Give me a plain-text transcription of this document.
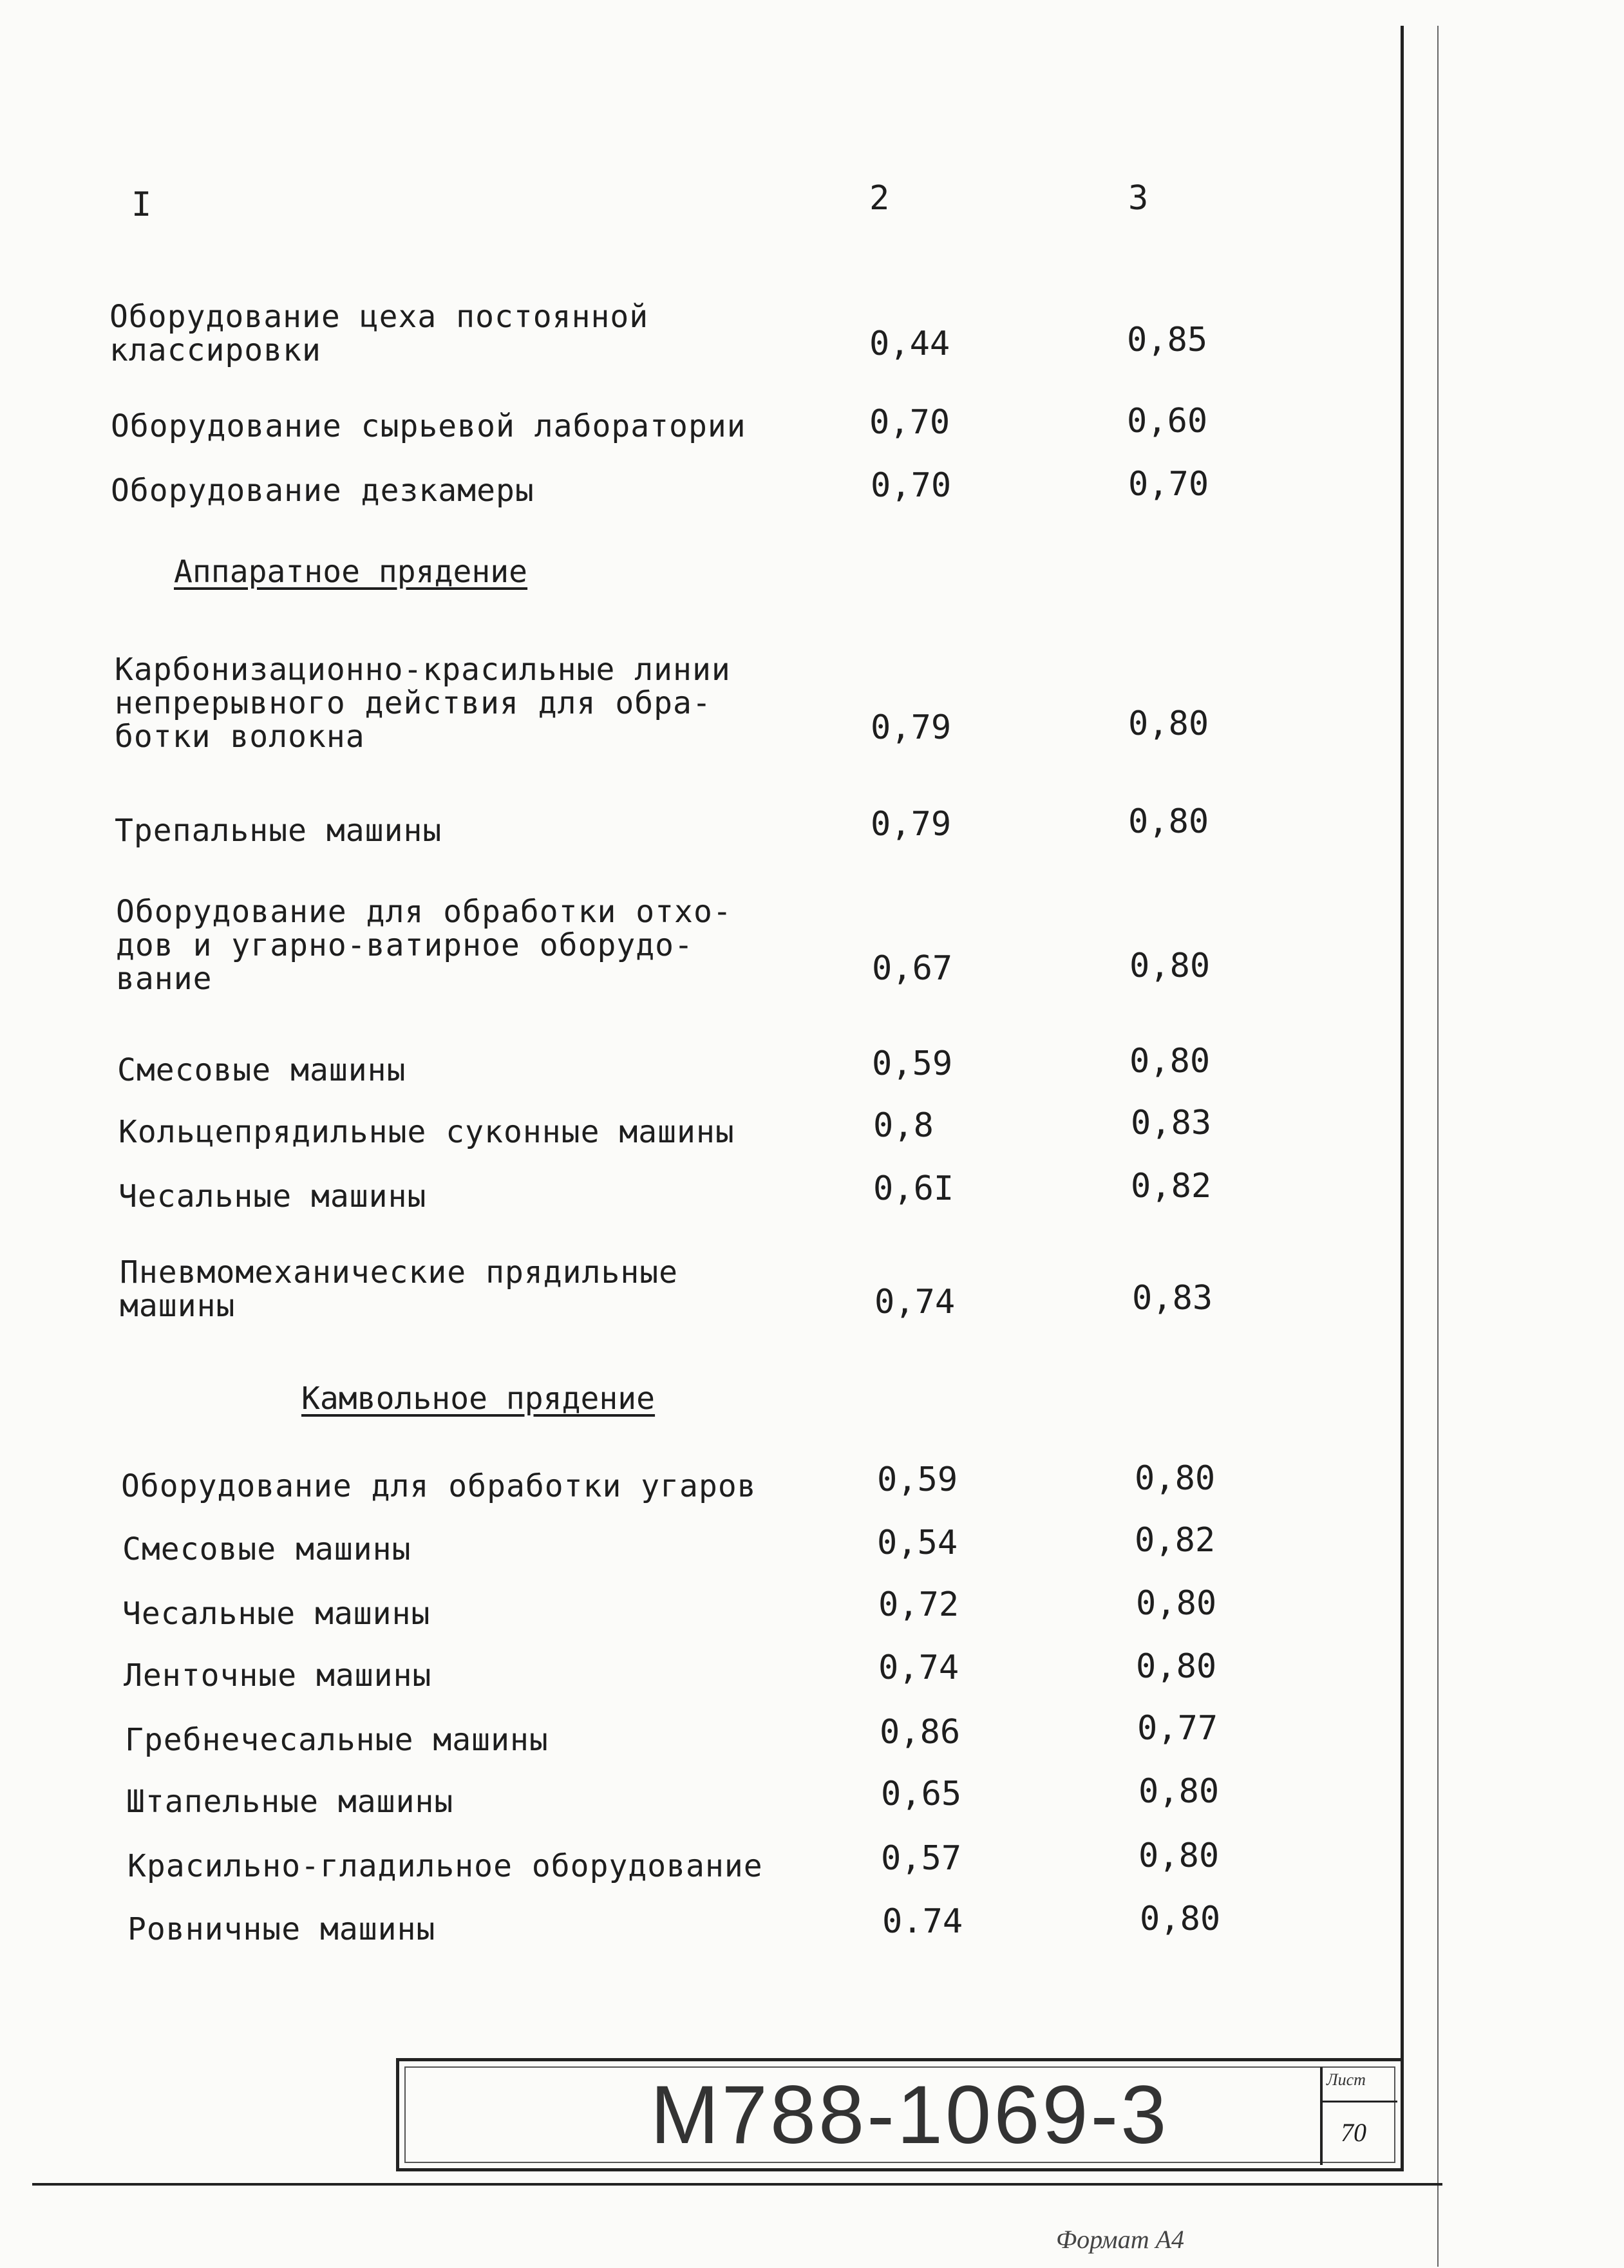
I	2	3
Оборудование цеха постоянной
классировки	0,44	0,85
Оборудование сырьевой лаборатории	0,70	0,60
Оборудование дезкамеры	0,70	0,70
Аппаратное прядение
Карбонизационно-красильные линии
непрерывного действия для обра-
ботки волокна	0,79	0,80
Трепальные машины	0,79	0,80
Оборудование для обработки отхо-
дов и угарно-ватирное оборудо-
вание	0,67	0,80
Смесовые машины	0,59	0,80
Кольцепрядильные суконные машины	0,8	0,83
Чесальные машины	0,6I	0,82
Пневмомеханические прядильные
машины	0,74	0,83
Камвольное прядение
Оборудование для обработки угаров	0,59	0,80
Смесовые машины	0,54	0,82
Чесальные машины	0,72	0,80
Ленточные машины	0,74	0,80
Гребнечесальные машины	0,86	0,77
Штапельные машины	0,65	0,80
Красильно-гладильное оборудование	0,57	0,80
Ровничные машины	0.74	0,80
М788-1069-3	Лист
70
Формат А4
